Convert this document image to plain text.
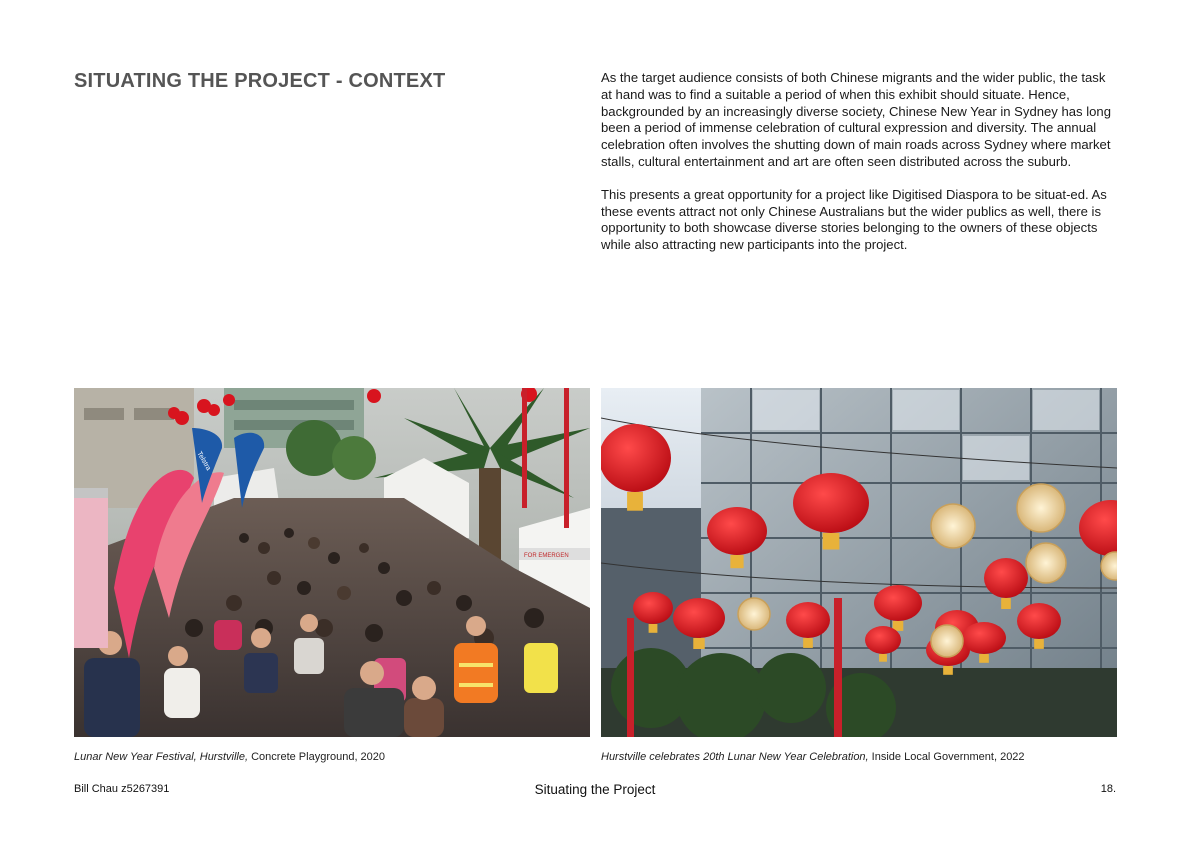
SITUATING THE PROJECT - CONTEXT	As the target audience consists of both Chinese migrants and the wider public, the task at hand was to find a suitable a period of when this exhibit should situate. Hence, backgrounded by an increasingly diverse society, Chinese New Year in Sydney has long been a period of immense celebration of cultural expression and diversity. The annual celebration often involves the shutting down of main roads across Sydney where market stalls, cultural entertainment and art are often seen distributed across the suburb.

This presents a great opportunity for a project like Digitised Diaspora to be situat-ed. As these events attract not only Chinese Australians but the wider publics as well, there is opportunity to both showcase diverse stories belonging to the owners of these objects while also attracting new participants into the project.

FOR EMERGEN
Telstra
Lunar New Year Festival, Hurstville, Concrete Playground, 2020	Hurstville celebrates 20th Lunar New Year Celebration, Inside Local Government, 2022
Bill Chau z5267391	Situating the Project	18.
